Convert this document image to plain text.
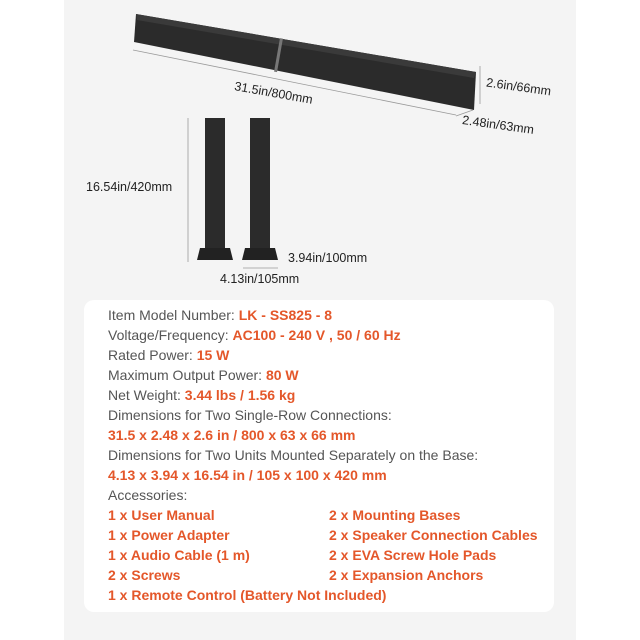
31.5in/800mm	2.6in/66mm
2.48in/63mm
16.54in/420mm
3.94in/100mm
4.13in/105mm
Item Model Number: LK - SS825 - 8
Voltage/Frequency: AC100 - 240 V , 50 / 60 Hz
Rated Power: 15 W
Maximum Output Power: 80 W
Net Weight: 3.44 lbs / 1.56 kg
Dimensions for Two Single-Row Connections:
31.5 x 2.48 x 2.6 in / 800 x 63 x 66 mm
Dimensions for Two Units Mounted Separately on the Base:
4.13 x 3.94 x 16.54 in / 105 x 100 x 420 mm
Accessories:
1 x User Manual
1 x Power Adapter
1 x Audio Cable (1 m)
2 x Screws
1 x Remote Control (Battery Not Included)
2 x Mounting Bases
2 x Speaker Connection Cables
2 x EVA Screw Hole Pads
2 x Expansion Anchors
